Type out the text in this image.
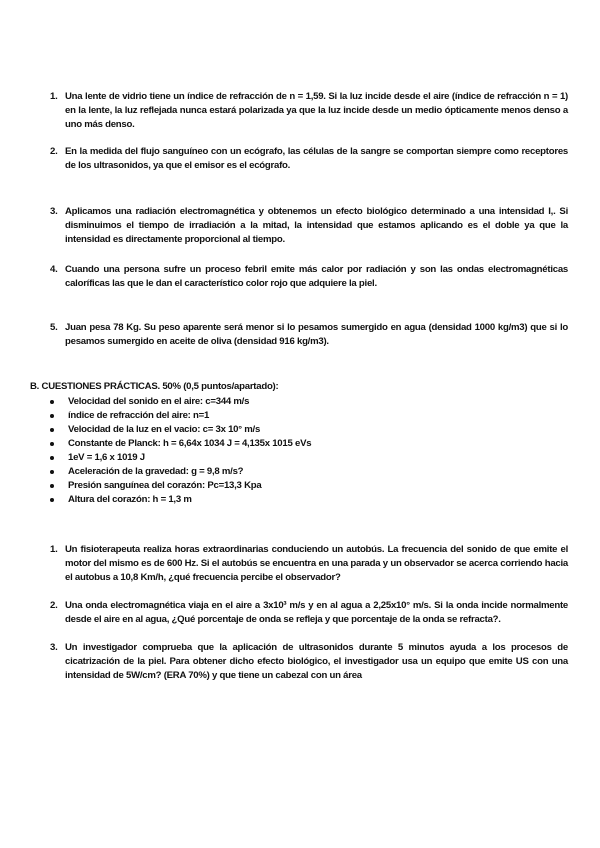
1. Una lente de vidrio tiene un índice de refracción de n = 1,59. Si la luz incide desde el aire (índice de refracción n = 1) en la lente, la luz reflejada nunca estará polarizada ya que la luz incide desde un medio ópticamente menos denso a uno más denso.
2. En la medida del flujo sanguíneo con un ecógrafo, las células de la sangre se comportan siempre como receptores de los ultrasonidos, ya que el emisor es el ecógrafo.
3. Aplicamos una radiación electromagnética y obtenemos un efecto biológico determinado a una intensidad I,. Si disminuimos el tiempo de irradiación a la mitad, la intensidad que estamos aplicando es el doble ya que la intensidad es directamente proporcional al tiempo.
4. Cuando una persona sufre un proceso febril emite más calor por radiación y son las ondas electromagnéticas caloríficas las que le dan el característico color rojo que adquiere la piel.
5. Juan pesa 78 Kg. Su peso aparente será menor si lo pesamos sumergido en agua (densidad 1000 kg/m3) que si lo pesamos sumergido en aceite de oliva (densidad 916 kg/m3).
B. CUESTIONES PRÁCTICAS. 50% (0,5 puntos/apartado):
Velocidad del sonido en el aire: c=344 m/s
índice de refracción del aire: n=1
Velocidad de la luz en el vacio: c= 3x 10° m/s
Constante de Planck: h = 6,64x 1034 J = 4,135x 1015 eVs
1eV = 1,6 x 1019 J
Aceleración de la gravedad: g = 9,8 m/s?
Presión sanguínea del corazón: Pc=13,3 Kpa
Altura del corazón: h = 1,3 m
1. Un fisioterapeuta realiza horas extraordinarias conduciendo un autobús. La frecuencia del sonido de que emite el motor del mismo es de 600 Hz. Si el autobús se encuentra en una parada y un observador se acerca corriendo hacia el autobus a 10,8 Km/h, ¿qué frecuencia percibe el observador?
2. Una onda electromagnética viaja en el aire a 3x10³ m/s y en al agua a 2,25x10° m/s. Si la onda incide normalmente desde el aire en al agua, ¿Qué porcentaje de onda se refleja y que porcentaje de la onda se refracta?.
3. Un investigador comprueba que la aplicación de ultrasonidos durante 5 minutos ayuda a los procesos de cicatrización de la piel. Para obtener dicho efecto biológico, el investigador usa un equipo que emite US con una intensidad de 5W/cm? (ERA 70%) y que tiene un cabezal con un área
